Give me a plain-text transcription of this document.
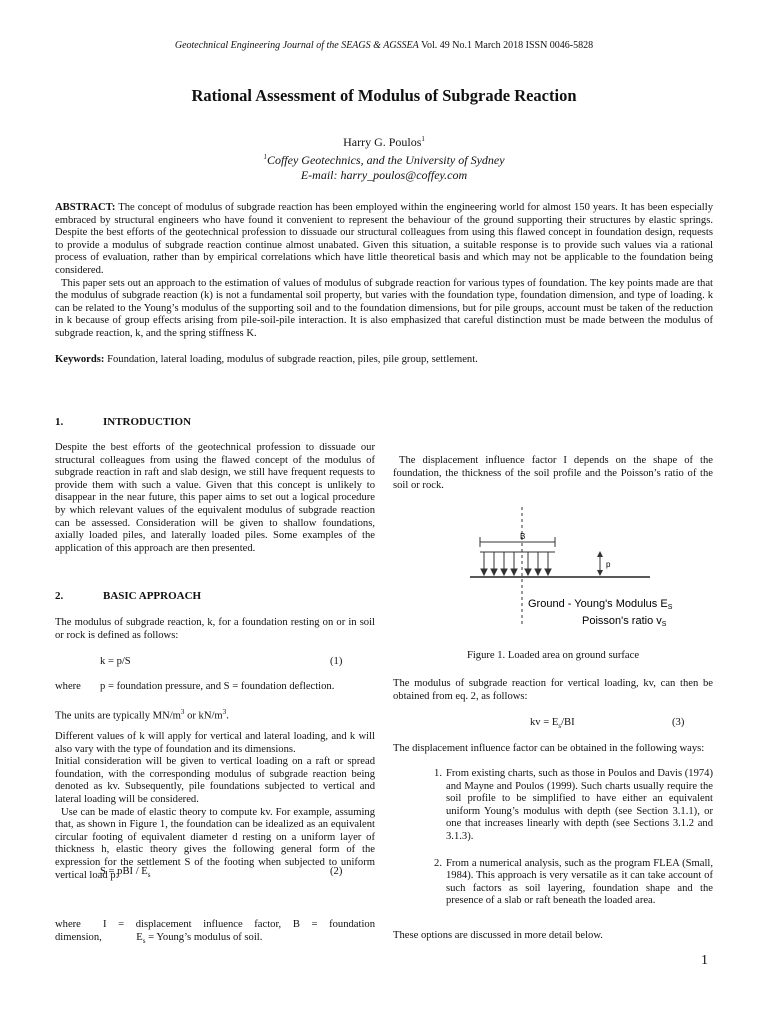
Geotechnical Engineering Journal of the SEAGS & AGSSEA Vol. 49 No.1 March 2018 ISSN 0046-5828
Rational Assessment of Modulus of Subgrade Reaction
Harry G. Poulos$^1$
$^1$Coffey Geotechnics, and the University of Sydney
E-mail: harry_poulos@coffey.com

ABSTRACT: The concept of modulus of subgrade reaction has been employed within the engineering world for almost 150 years. It has been especially embraced by structural engineers who have found it convenient to represent the behaviour of the ground supporting their structures by elastic springs. Despite the best efforts of the geotechnical profession to dissuade our structural colleagues from using this flawed concept in foundation design, requests to provide a modulus of subgrade reaction continue almost unabated. Given this situation, a suitable response is to provide such values via a rational process of evaluation, rather than by empirical correlations which have little theoretical basis and which may not be applicable to the foundation being considered.

This paper sets out an approach to the estimation of values of modulus of subgrade reaction for various types of foundation. The key points made are that the modulus of subgrade reaction (k) is not a fundamental soil property, but varies with the foundation type, foundation dimension, and type of loading. k can be related to the Young’s modulus of the supporting soil and to the foundation dimensions, but for pile groups, account must be taken of the reduction in k because of group effects arising from pile-soil-pile interaction. It is also emphasized that careful distinction must be made between the modulus of subgrade reaction, k, and the spring stiffness K.

Keywords: Foundation, lateral loading, modulus of subgrade reaction, piles, pile group, settlement.
1.	INTRODUCTION
Despite the best efforts of the geotechnical profession to dissuade our structural colleagues from using the flawed concept of the modulus of subgrade reaction in raft and slab design, we still have frequent requests to provide them with such a value. Given that this concept is unlikely to disappear in the near future, this paper aims to set out a logical procedure by which relevant values of the equivalent modulus of subgrade reaction can be assessed. Consideration will be given to shallow foundations, axially loaded piles, and laterally loaded piles. Some examples of the application of this approach are then presented.
2.	BASIC APPROACH
The modulus of subgrade reaction, k, for a foundation resting on or in soil or rock is defined as follows:
k = p/S	(1)
where p = foundation pressure, and S = foundation deflection.
The units are typically $MN/m^3$ or $kN/m^3$.

Different values of k will apply for vertical and lateral loading, and k will also vary with the type of foundation and its dimensions.

Initial consideration will be given to vertical loading on a raft or spread foundation, with the corresponding modulus of subgrade reaction being denoted as kv. Subsequently, pile foundations subjected to vertical and lateral loading will be considered.

Use can be made of elastic theory to compute kv. For example, assuming that, as shown in Figure 1, the foundation can be idealized as an equivalent circular footing of equivalent diameter d resting on a uniform layer of thickness h, elastic theory gives the following general form of the expression for the settlement S of the footing when subjected to uniform vertical load p:

S = pBI / $E_s$	(2)
where	I = displacement influence factor, B = foundation dimension,	$E_s$ = Young’s modulus of soil.
The displacement influence factor I depends on the shape of the foundation, the thickness of the soil profile and the Poisson’s ratio of the soil or rock.
B
p
Ground - Young's Modulus ES
Poisson's ratio vS
Figure 1. Loaded area on ground surface
The modulus of subgrade reaction for vertical loading, kv, can then be obtained from eq. 2, as follows:
kv = $E_s/BI$	(3)
The displacement influence factor can be obtained in the following ways:
1. From existing charts, such as those in Poulos and Davis (1974) and Mayne and Poulos (1999). Such charts usually require the soil profile to be simplified to have either an equivalent uniform Young’s modulus with depth (see Section 3.1.1), or one that increases linearly with depth (see Sections 3.1.2 and 3.1.3).
2. From a numerical analysis, such as the program FLEA (Small, 1984). This approach is very versatile as it can take account of such factors as soil layering, foundation shape and the presence of a slab or raft beneath the loaded area.
These options are discussed in more detail below.
1
